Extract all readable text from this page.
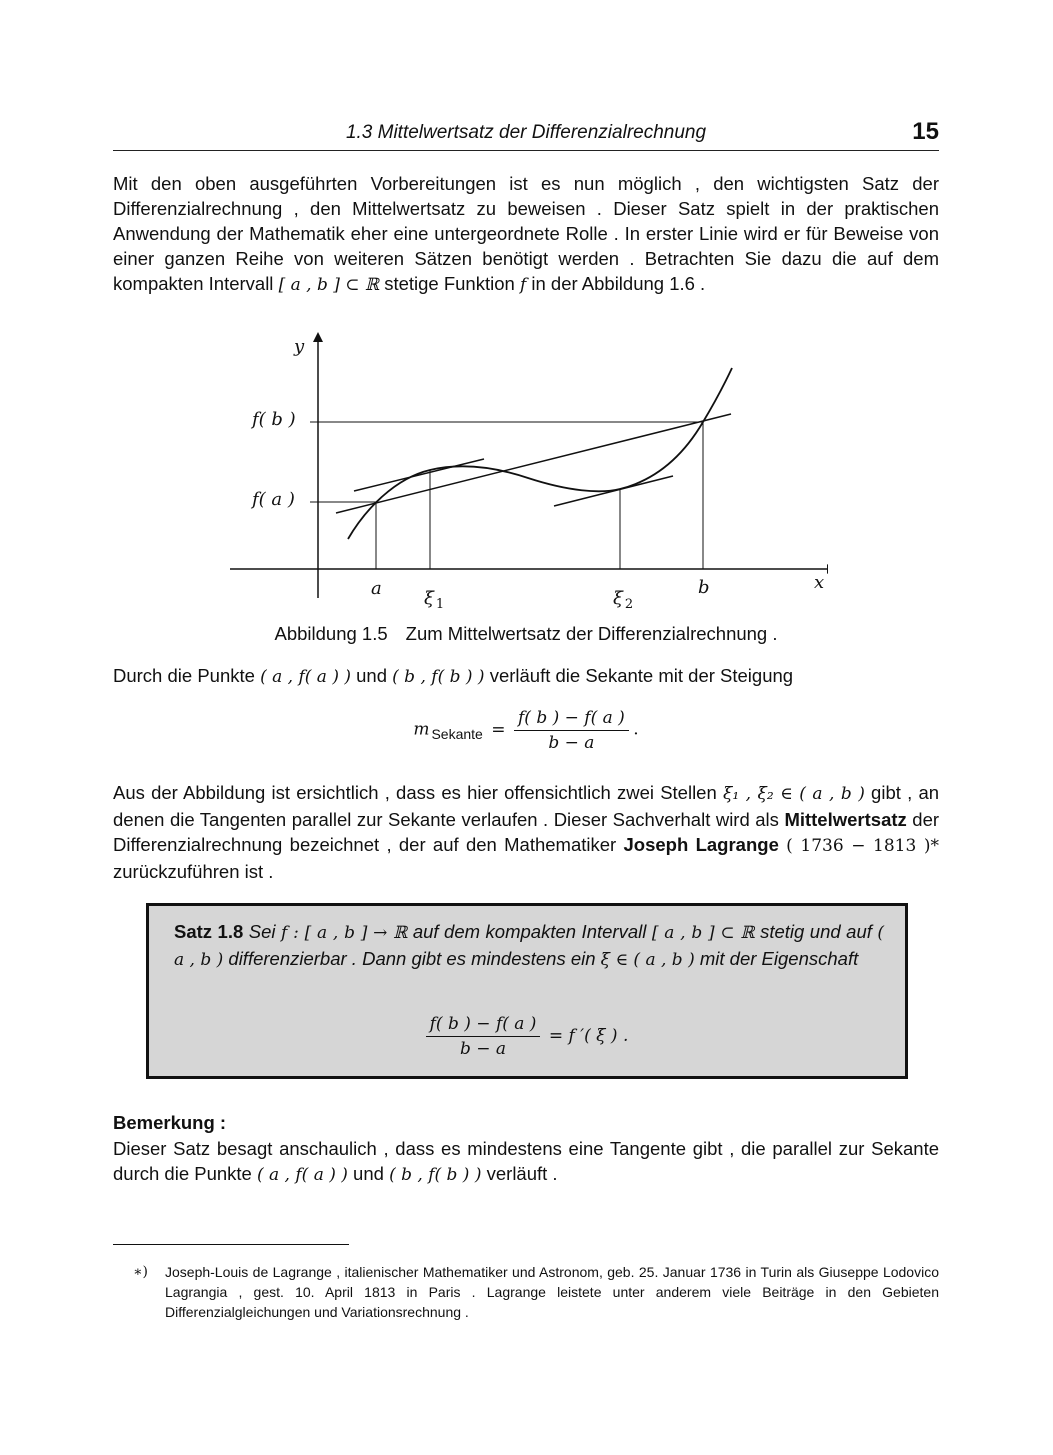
1.3 Mittelwertsatz der Differenzialrechnung	15
Mit den oben ausgeführten Vorbereitungen ist es nun möglich , den wichtigsten Satz der Differenzialrechnung , den Mittelwertsatz zu beweisen . Dieser Satz spielt in der praktischen Anwendung der Mathematik eher eine untergeordnete Rolle . In erster Linie wird er für Beweise von einer ganzen Reihe von weiteren Sätzen benötigt werden . Betrachten Sie dazu die auf dem kompakten Intervall [ a , b ] ⊂ ℝ stetige Funktion f in der Abbildung 1.6 .
y
x
f( b )
f( a )
a	b
ξ $_1$	ξ $_2$
Abbildung 1.5 Zum Mittelwertsatz der Differenzialrechnung .
Durch die Punkte ( a , f( a ) ) und ( b , f( b ) ) verläuft die Sekante mit der Steigung
m Sekante = $\frac{f( b ) - f( a )}{b - a}$ .
Aus der Abbildung ist ersichtlich , dass es hier offensichtlich zwei Stellen ξ₁ , ξ₂ ∈ ( a , b ) gibt , an denen die Tangenten parallel zur Sekante verlaufen . Dieser Sachverhalt wird als Mittelwertsatz der Differenzialrechnung bezeichnet , der auf den Mathematiker Joseph Lagrange ( 1736 − 1813 )* zurückzuführen ist .
Satz 1.8 Sei f : [ a , b ] → ℝ auf dem kompakten Intervall [ a , b ] ⊂ ℝ stetig und auf ( a , b ) differenzierbar . Dann gibt es mindestens ein ξ ∈ ( a , b ) mit der Eigenschaft
$\frac{f( b ) - f( a )}{b - a} = f$ ′( ξ ) .
Bemerkung :
Dieser Satz besagt anschaulich , dass es mindestens eine Tangente gibt , die parallel zur Sekante durch die Punkte ( a , f( a ) ) und ( b , f( b ) ) verläuft .
∗) Joseph-Louis de Lagrange , italienischer Mathematiker und Astronom, geb. 25. Januar 1736 in Turin als Giuseppe Lodovico Lagrangia , gest. 10. April 1813 in Paris . Lagrange leistete unter anderem viele Beiträge in den Gebieten Differenzialgleichungen und Variationsrechnung .
